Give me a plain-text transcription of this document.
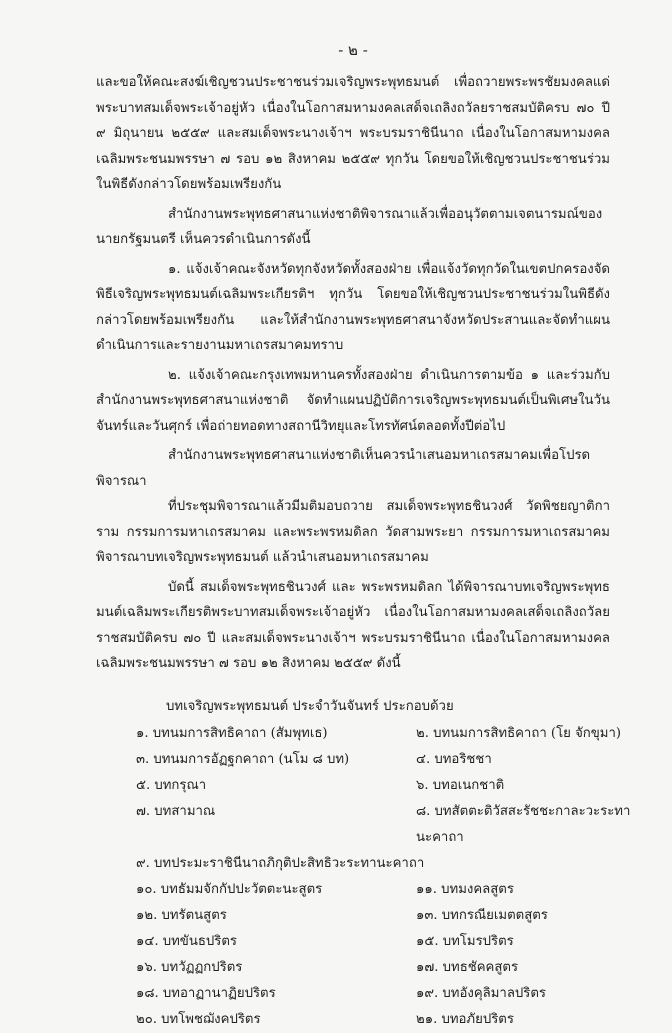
- ๒ -

และขอให้คณะสงฆ์เชิญชวนประชาชนร่วมเจริญพระพุทธมนต์ เพื่อถวายพระพรชัยมงคลแด่พระบาทสมเด็จพระเจ้าอยู่หัว เนื่องในโอกาสมหามงคลเสด็จเถลิงถวัลยราชสมบัติครบ ๗๐ ปี ๙ มิถุนายน ๒๕๕๙ และสมเด็จพระนางเจ้าฯ พระบรมราชินีนาถ เนื่องในโอกาสมหามงคลเฉลิมพระชนมพรรษา ๗ รอบ ๑๒ สิงหาคม ๒๕๕๙ ทุกวัน โดยขอให้เชิญชวนประชาชนร่วมในพิธีดังกล่าวโดยพร้อมเพรียงกัน

สำนักงานพระพุทธศาสนาแห่งชาติพิจารณาแล้วเพื่ออนุวัตตามเจตนารมณ์ของนายกรัฐมนตรี เห็นควรดำเนินการดังนี้

๑. แจ้งเจ้าคณะจังหวัดทุกจังหวัดทั้งสองฝ่าย เพื่อแจ้งวัดทุกวัดในเขตปกครองจัดพิธีเจริญพระพุทธมนต์เฉลิมพระเกียรติฯ ทุกวัน โดยขอให้เชิญชวนประชาชนร่วมในพิธีดังกล่าวโดยพร้อมเพรียงกัน และให้สำนักงานพระพุทธศาสนาจังหวัดประสานและจัดทำแผนดำเนินการและรายงานมหาเถรสมาคมทราบ

๒. แจ้งเจ้าคณะกรุงเทพมหานครทั้งสองฝ่าย ดำเนินการตามข้อ ๑ และร่วมกับสำนักงานพระพุทธศาสนาแห่งชาติ จัดทำแผนปฏิบัติการเจริญพระพุทธมนต์เป็นพิเศษในวันจันทร์และวันศุกร์ เพื่อถ่ายทอดทางสถานีวิทยุและโทรทัศน์ตลอดทั้งปีต่อไป

สำนักงานพระพุทธศาสนาแห่งชาติเห็นควรนำเสนอมหาเถรสมาคมเพื่อโปรดพิจารณา

ที่ประชุมพิจารณาแล้วมีมติมอบถวาย สมเด็จพระพุทธชินวงศ์ วัดพิชยญาติการาม กรรมการมหาเถรสมาคม และพระพรหมดิลก วัดสามพระยา กรรมการมหาเถรสมาคม พิจารณาบทเจริญพระพุทธมนต์ แล้วนำเสนอมหาเถรสมาคม

บัดนี้ สมเด็จพระพุทธชินวงศ์ และ พระพรหมดิลก ได้พิจารณาบทเจริญพระพุทธมนต์เฉลิมพระเกียรติพระบาทสมเด็จพระเจ้าอยู่หัว เนื่องในโอกาสมหามงคลเสด็จเถลิงถวัลยราชสมบัติครบ ๗๐ ปี และสมเด็จพระนางเจ้าฯ พระบรมราชินีนาถ เนื่องในโอกาสมหามงคลเฉลิมพระชนมพรรษา ๗ รอบ ๑๒ สิงหาคม ๒๕๕๙ ดังนี้

บทเจริญพระพุทธมนต์ ประจำวันจันทร์ ประกอบด้วย
๑. บทนมการสิทธิคาถา (สัมพุทเธ)	๒. บทนมการสิทธิคาถา (โย จักขุมา)
๓. บทนมการอัฏฐกคาถา (นโม ๘ บท)	๔. บทอริชชา
๕. บทกรุณา	๖. บทอเนกชาติ
๗. บทสามาณ	๘. บทสัตตะติวัสสะรัชชะกาละวะระทานะคาถา
๙. บทประมะราชินีนาถภิกุติปะสิทธิวะระทานะคาถา
๑๐. บทธัมมจักกัปปะวัตตะนะสูตร	๑๑. บทมงคลสูตร
๑๒. บทรัตนสูตร	๑๓. บทกรณียเมตตสูตร
๑๔. บทขันธปริตร	๑๕. บทโมรปริตร
๑๖. บทวัฏฏกปริตร	๑๗. บทธชัคคสูตร
๑๘. บทอาฏานาฏิยปริตร	๑๙. บทอังคุลิมาลปริตร
๒๐. บทโพชฌังคปริตร	๒๑. บทอภัยปริตร
